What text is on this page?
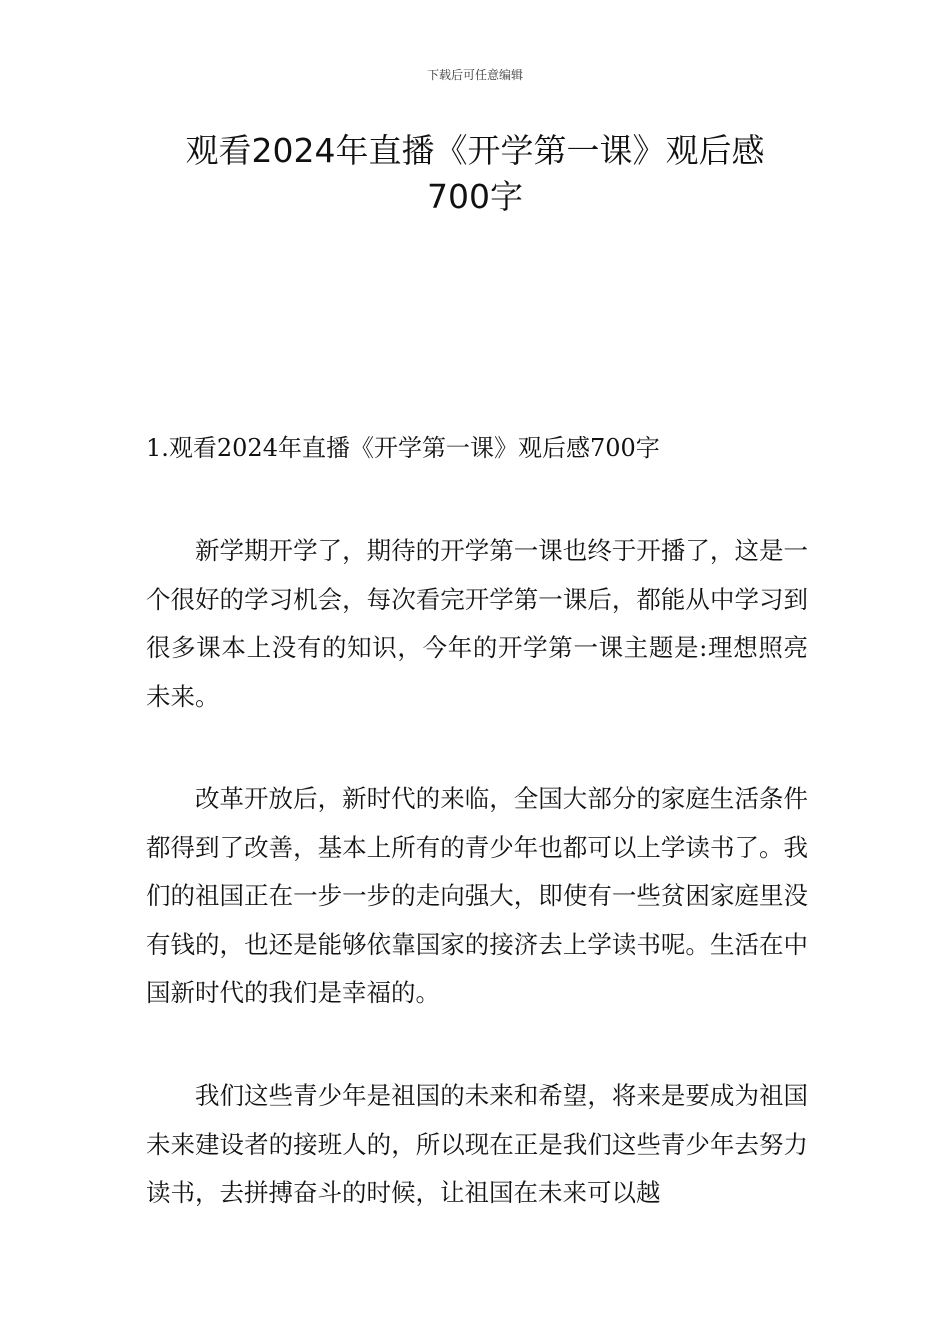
下载后可任意编辑
观看2024年直播《开学第一课》观后感
700字
1.观看2024年直播《开学第一课》观后感700字

新学期开学了，期待的开学第一课也终于开播了，这是一个很好的学习机会，每次看完开学第一课后，都能从中学习到很多课本上没有的知识，今年的开学第一课主题是:理想照亮未来。

改革开放后，新时代的来临，全国大部分的家庭生活条件都得到了改善，基本上所有的青少年也都可以上学读书了。我们的祖国正在一步一步的走向强大，即使有一些贫困家庭里没有钱的，也还是能够依靠国家的接济去上学读书呢。生活在中国新时代的我们是幸福的。

我们这些青少年是祖国的未来和希望，将来是要成为祖国未来建设者的接班人的，所以现在正是我们这些青少年去努力读书，去拼搏奋斗的时候，让祖国在未来可以越
